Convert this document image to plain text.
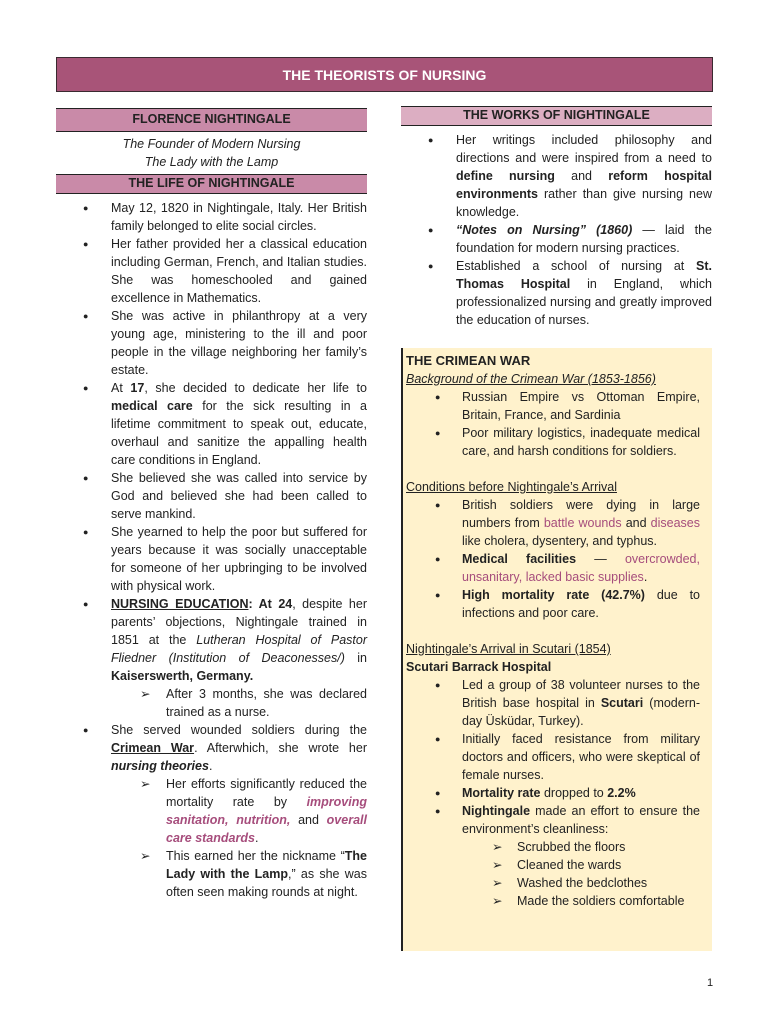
THE THEORISTS OF NURSING
FLORENCE NIGHTINGALE
The Founder of Modern Nursing
The Lady with the Lamp
THE LIFE OF NIGHTINGALE
● May 12, 1820 in Nightingale, Italy. Her British family belonged to elite social circles.
● Her father provided her a classical education including German, French, and Italian studies. She was homeschooled and gained excellence in Mathematics.
● She was active in philanthropy at a very young age, ministering to the ill and poor people in the village neighboring her family’s estate.
● At 17, she decided to dedicate her life to medical care for the sick resulting in a lifetime commitment to speak out, educate, overhaul and sanitize the appalling health care conditions in England.
● She believed she was called into service by God and believed she had been called to serve mankind.
● She yearned to help the poor but suffered for years because it was socially unacceptable for someone of her upbringing to be involved with physical work.
● NURSING EDUCATION: At 24, despite her parents’ objections, Nightingale trained in 1851 at the Lutheran Hospital of Pastor Fliedner (Institution of Deaconesses/) in Kaiserswerth, Germany.
➢ After 3 months, she was declared trained as a nurse.
● She served wounded soldiers during the Crimean War. Afterwhich, she wrote her nursing theories.
➢ Her efforts significantly reduced the mortality rate by improving sanitation, nutrition, and overall care standards.
➢ This earned her the nickname “The Lady with the Lamp,” as she was often seen making rounds at night.
THE WORKS OF NIGHTINGALE
● Her writings included philosophy and directions and were inspired from a need to define nursing and reform hospital environments rather than give nursing new knowledge.
● “Notes on Nursing” (1860) — laid the foundation for modern nursing practices.
● Established a school of nursing at St. Thomas Hospital in England, which professionalized nursing and greatly improved the education of nurses.
THE CRIMEAN WAR
Background of the Crimean War (1853-1856)
● Russian Empire vs Ottoman Empire, Britain, France, and Sardinia
● Poor military logistics, inadequate medical care, and harsh conditions for soldiers.
Conditions before Nightingale’s Arrival
● British soldiers were dying in large numbers from battle wounds and diseases like cholera, dysentery, and typhus.
● Medical facilities — overcrowded, unsanitary, lacked basic supplies.
● High mortality rate (42.7%) due to infections and poor care.
Nightingale’s Arrival in Scutari (1854)
Scutari Barrack Hospital
● Led a group of 38 volunteer nurses to the British base hospital in Scutari (modern-day Üsküdar, Turkey).
● Initially faced resistance from military doctors and officers, who were skeptical of female nurses.
● Mortality rate dropped to 2.2%
● Nightingale made an effort to ensure the environment’s cleanliness:
➢ Scrubbed the floors
➢ Cleaned the wards
➢ Washed the bedclothes
➢ Made the soldiers comfortable
1
